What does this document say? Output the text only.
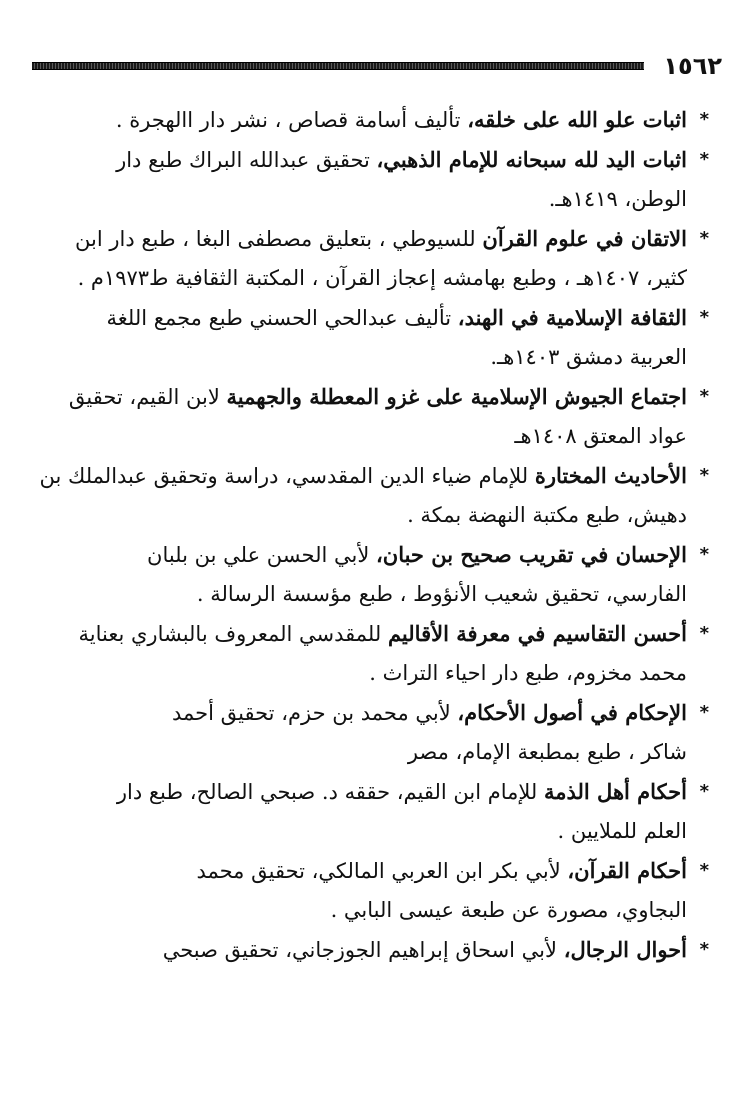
١٥٦٢
*
اثبات علو الله على خلقه، تأليف أسامة قصاص ، نشر دار االهجرة .
*
اثبات اليد لله سبحانه للإمام الذهبي، تحقيق عبدالله البراك طبع دار
الوطن، ١٤١٩هـ.
*
الاتقان في علوم القرآن للسيوطي ، بتعليق مصطفى البغا ، طبع دار ابن
كثير، ١٤٠٧هـ ، وطبع بهامشه إعجاز القرآن ، المكتبة الثقافية ط١٩٧٣م .
*
الثقافة الإسلامية في الهند، تأليف عبدالحي الحسني طبع مجمع اللغة
العربية دمشق ١٤٠٣هـ.
*
اجتماع الجيوش الإسلامية على غزو المعطلة والجهمية لابن القيم، تحقيق
عواد المعتق ١٤٠٨هـ
*
الأحاديث المختارة للإمام ضياء الدين المقدسي، دراسة وتحقيق عبدالملك بن
دهيش، طبع مكتبة النهضة بمكة .
*
الإحسان في تقريب صحيح بن حبان، لأبي الحسن علي بن بلبان
الفارسي، تحقيق شعيب الأنؤوط ، طبع مؤسسة الرسالة .
*
أحسن التقاسيم في معرفة الأقاليم للمقدسي المعروف بالبشاري بعناية
محمد مخزوم، طبع دار احياء التراث .
*
الإحكام في أصول الأحكام، لأبي محمد بن حزم، تحقيق أحمد
شاكر ، طبع بمطبعة الإمام، مصر
*
أحكام أهل الذمة للإمام ابن القيم، حققه د. صبحي الصالح، طبع دار
العلم للملايين .
*
أحكام القرآن، لأبي بكر ابن العربي المالكي، تحقيق محمد
البجاوي، مصورة عن طبعة عيسى البابي .
*
أحوال الرجال، لأبي اسحاق إبراهيم الجوزجاني، تحقيق صبحي
